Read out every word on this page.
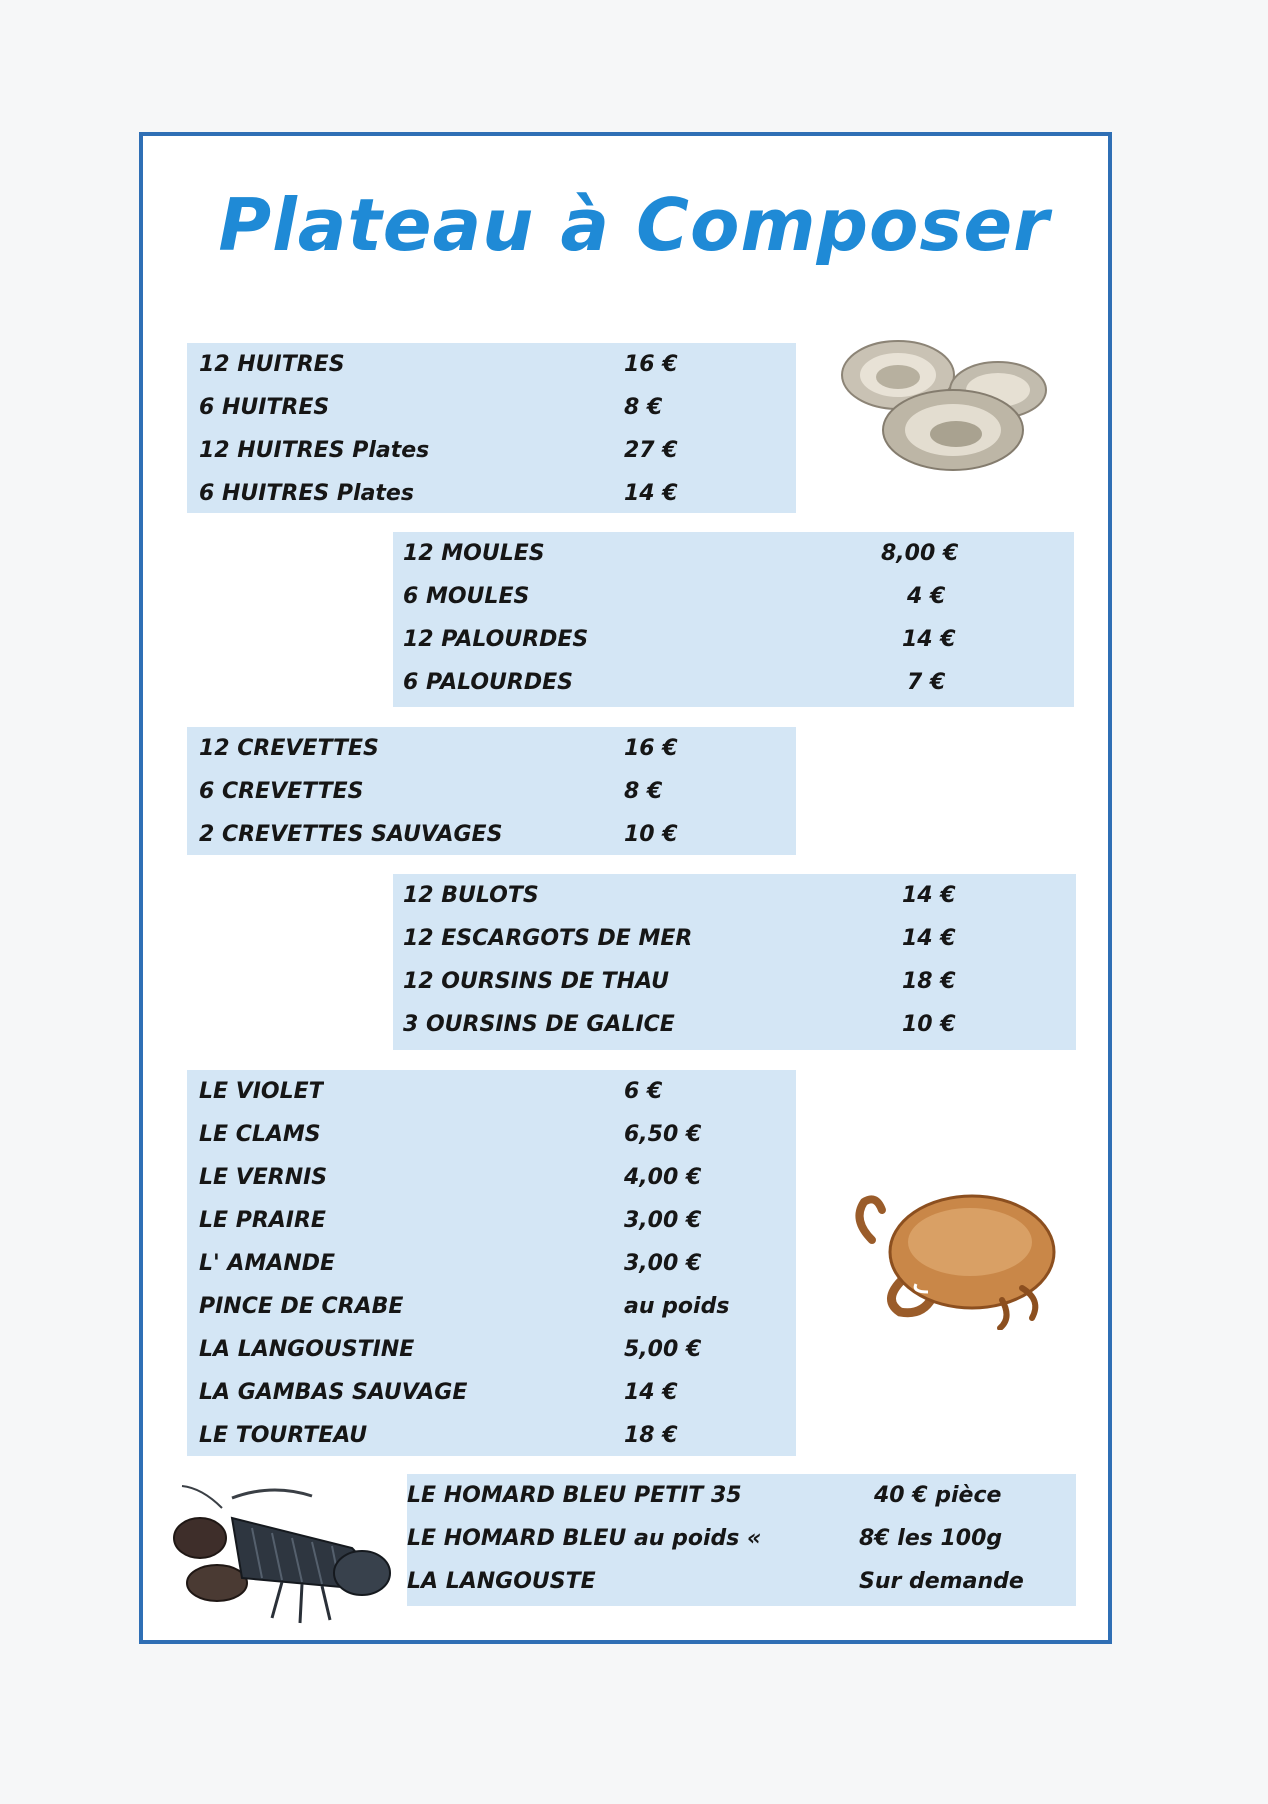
Plateau à Composer
12 HUITRES	16 €
6 HUITRES	8 €
12 HUITRES Plates	27 €
6 HUITRES Plates	14 €
12 MOULES	8,00 €
6 MOULES	4 €
12 PALOURDES	14 €
6 PALOURDES	7 €
12 CREVETTES	16 €
6 CREVETTES	8 €
2 CREVETTES SAUVAGES	10 €
12 BULOTS	14 €
12 ESCARGOTS DE MER	14 €
12 OURSINS DE THAU	18 €
3 OURSINS DE GALICE	10 €
LE VIOLET	6 €
LE CLAMS	6,50 €
LE VERNIS	4,00 €
LE PRAIRE	3,00 €
L' AMANDE	3,00 €
PINCE DE CRABE	au poids
LA LANGOUSTINE	5,00 €
LA GAMBAS SAUVAGE	14 €
LE TOURTEAU	18 €
LE HOMARD BLEU PETIT 35	40 € pièce
LE HOMARD BLEU au poids «	8€ les 100g
LA LANGOUSTE	Sur demande
